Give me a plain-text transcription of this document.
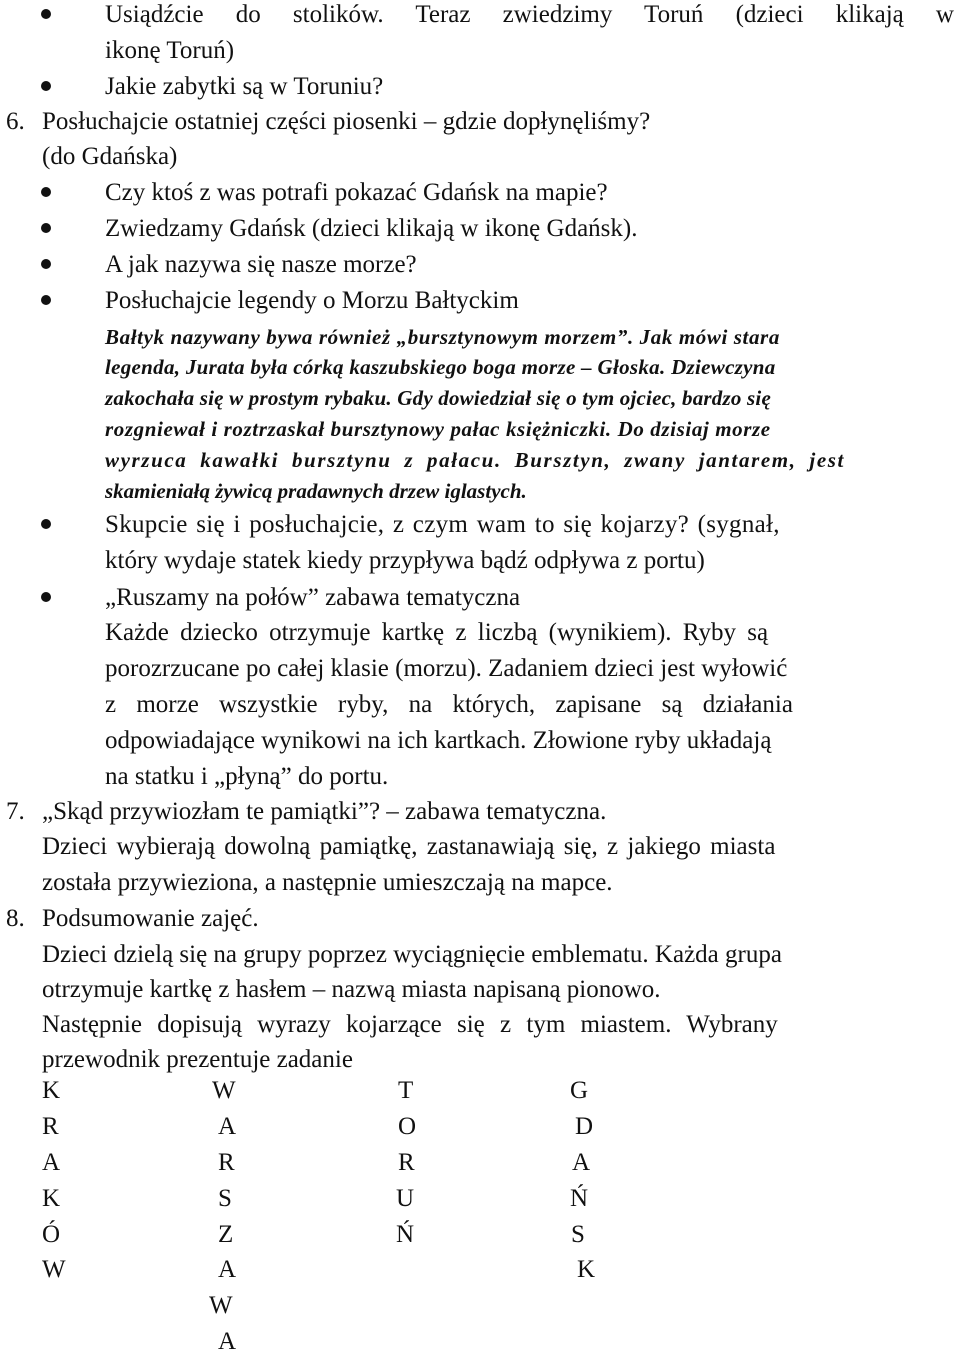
Usiądźcie do stolików. Teraz zwiedzimy Toruń (dzieci klikają w

ikonę Toruń)
Jakie zabytki są w Toruniu?
6. Posłuchajcie ostatniej części piosenki – gdzie dopłynęliśmy?
(do Gdańska)
Czy ktoś z was potrafi pokazać Gdańsk na mapie?
Zwiedzamy Gdańsk (dzieci klikają w ikonę Gdańsk).
A jak nazywa się nasze morze?
Posłuchajcie legendy o Morzu Bałtyckim
Bałtyk nazywany bywa również „bursztynowym morzem”. Jak mówi stara
legenda, Jurata była córką kaszubskiego boga morze – Głoska. Dziewczyna
zakochała się w prostym rybaku. Gdy dowiedział się o tym ojciec, bardzo się
rozgniewał i roztrzaskał bursztynowy pałac księżniczki. Do dzisiaj morze
wyrzuca kawałki bursztynu z pałacu. Bursztyn, zwany jantarem, jest
skamieniałą żywicą pradawnych drzew iglastych.
Skupcie się i posłuchajcie, z czym wam to się kojarzy? (sygnał,
który wydaje statek kiedy przypływa bądź odpływa z portu)
„Ruszamy na połów” zabawa tematyczna
Każde dziecko otrzymuje kartkę z liczbą (wynikiem). Ryby są
porozrzucane po całej klasie (morzu). Zadaniem dzieci jest wyłowić
z morze wszystkie ryby, na których, zapisane są działania
odpowiadające wynikowi na ich kartkach. Złowione ryby układają
na statku i „płyną” do portu.
7. „Skąd przywiozłam te pamiątki”? – zabawa tematyczna.
Dzieci wybierają dowolną pamiątkę, zastanawiają się, z jakiego miasta
została przywieziona, a następnie umieszczają na mapce.
8. Podsumowanie zajęć.
Dzieci dzielą się na grupy poprzez wyciągnięcie emblematu. Każda grupa
otrzymuje kartkę z hasłem – nazwą miasta napisaną pionowo.
Następnie dopisują wyrazy kojarzące się z tym miastem. Wybrany
przewodnik prezentuje zadanie
K
R
A
K
Ó
W
W
A
R
S
Z
A
W
A
T
O
R
U
Ń
G
D
A
Ń
S
K
